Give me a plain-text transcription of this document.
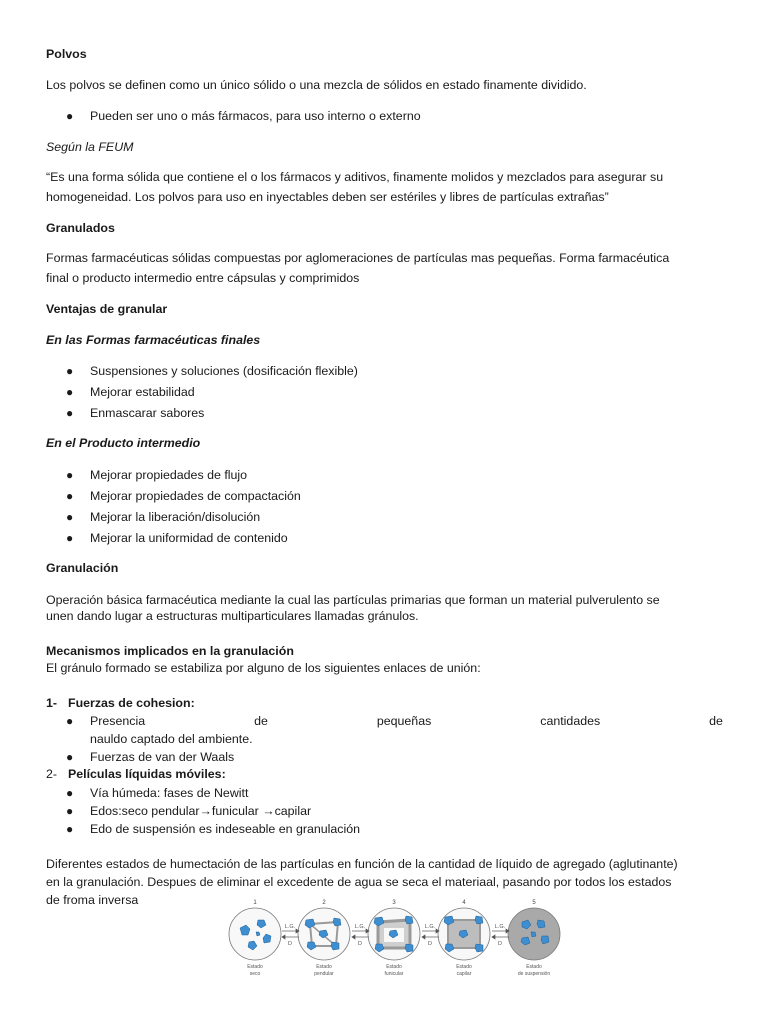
Polvos
Los polvos se definen como un único sólido o una mezcla de sólidos en estado finamente dividido.
● Pueden ser uno o más fármacos, para uso interno o externo
Según la FEUM
“Es una forma sólida que contiene el o los fármacos y aditivos, finamente molidos y mezclados para asegurar su
homogeneidad. Los polvos para uso en inyectables deben ser estériles y libres de partículas extrañas”
Granulados
Formas farmacéuticas sólidas compuestas por aglomeraciones de partículas mas pequeñas. Forma farmacéutica
final o producto intermedio entre cápsulas y comprimidos
Ventajas de granular
En las Formas farmacéuticas finales
● Suspensiones y soluciones (dosificación flexible)
● Mejorar estabilidad
● Enmascarar sabores
En el Producto intermedio
● Mejorar propiedades de flujo
● Mejorar propiedades de compactación
● Mejorar la liberación/disolución
● Mejorar la uniformidad de contenido
Granulación
Operación básica farmacéutica mediante la cual las partículas primarias que forman un material pulverulento se
unen dando lugar a estructuras multiparticulares llamadas gránulos.
Mecanismos implicados en la granulación
El gránulo formado se estabiliza por alguno de los siguientes enlaces de unión:
1- Fuerzas de cohesion:
● Presencia	de	pequeñas	cantidades	de
nauldo captado del ambiente.
● Fuerzas de van der Waals
2- Películas líquidas móviles:
● Vía húmeda: fases de Newitt
● Edos:seco pendular→funicular →capilar
● Edo de suspensión es indeseable en granulación
Diferentes estados de humectación de las partículas en función de la cantidad de líquido de agregado (aglutinante)
en la granulación. Despues de eliminar el excedente de agua se seca el materiaal, pasando por todos los estados
de froma inversa	1	2	3	4	5
L.G.
D
L.G.
D
L.G.
D
L.G.
D
Estado
seco
Estado
pendular
Estado
funicular
Estado
capilar
Estado
de suspensión
